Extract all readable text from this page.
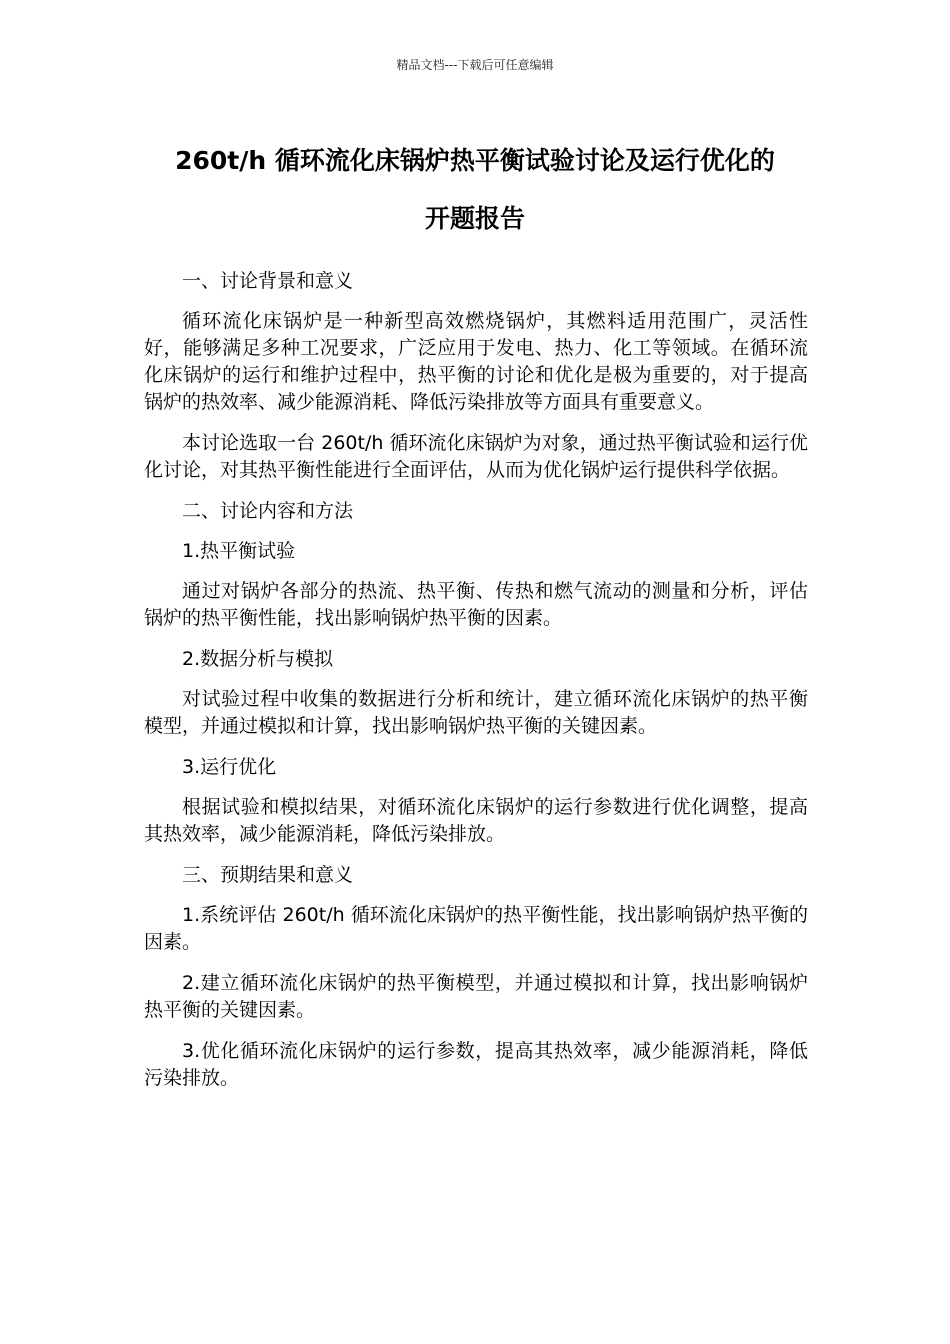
精品文档---下载后可任意编辑
260t/h 循环流化床锅炉热平衡试验讨论及运行优化的
开题报告

一、讨论背景和意义

循环流化床锅炉是一种新型高效燃烧锅炉，其燃料适用范围广，灵活性好，能够满足多种工况要求，广泛应用于发电、热力、化工等领域。在循环流化床锅炉的运行和维护过程中，热平衡的讨论和优化是极为重要的，对于提高锅炉的热效率、减少能源消耗、降低污染排放等方面具有重要意义。

本讨论选取一台 260t/h 循环流化床锅炉为对象，通过热平衡试验和运行优化讨论，对其热平衡性能进行全面评估，从而为优化锅炉运行提供科学依据。

二、讨论内容和方法

1.热平衡试验

通过对锅炉各部分的热流、热平衡、传热和燃气流动的测量和分析，评估锅炉的热平衡性能，找出影响锅炉热平衡的因素。

2.数据分析与模拟

对试验过程中收集的数据进行分析和统计，建立循环流化床锅炉的热平衡模型，并通过模拟和计算，找出影响锅炉热平衡的关键因素。

3.运行优化

根据试验和模拟结果，对循环流化床锅炉的运行参数进行优化调整，提高其热效率，减少能源消耗，降低污染排放。

三、预期结果和意义

1.系统评估 260t/h 循环流化床锅炉的热平衡性能，找出影响锅炉热平衡的因素。

2.建立循环流化床锅炉的热平衡模型，并通过模拟和计算，找出影响锅炉热平衡的关键因素。

3.优化循环流化床锅炉的运行参数，提高其热效率，减少能源消耗，降低污染排放。
